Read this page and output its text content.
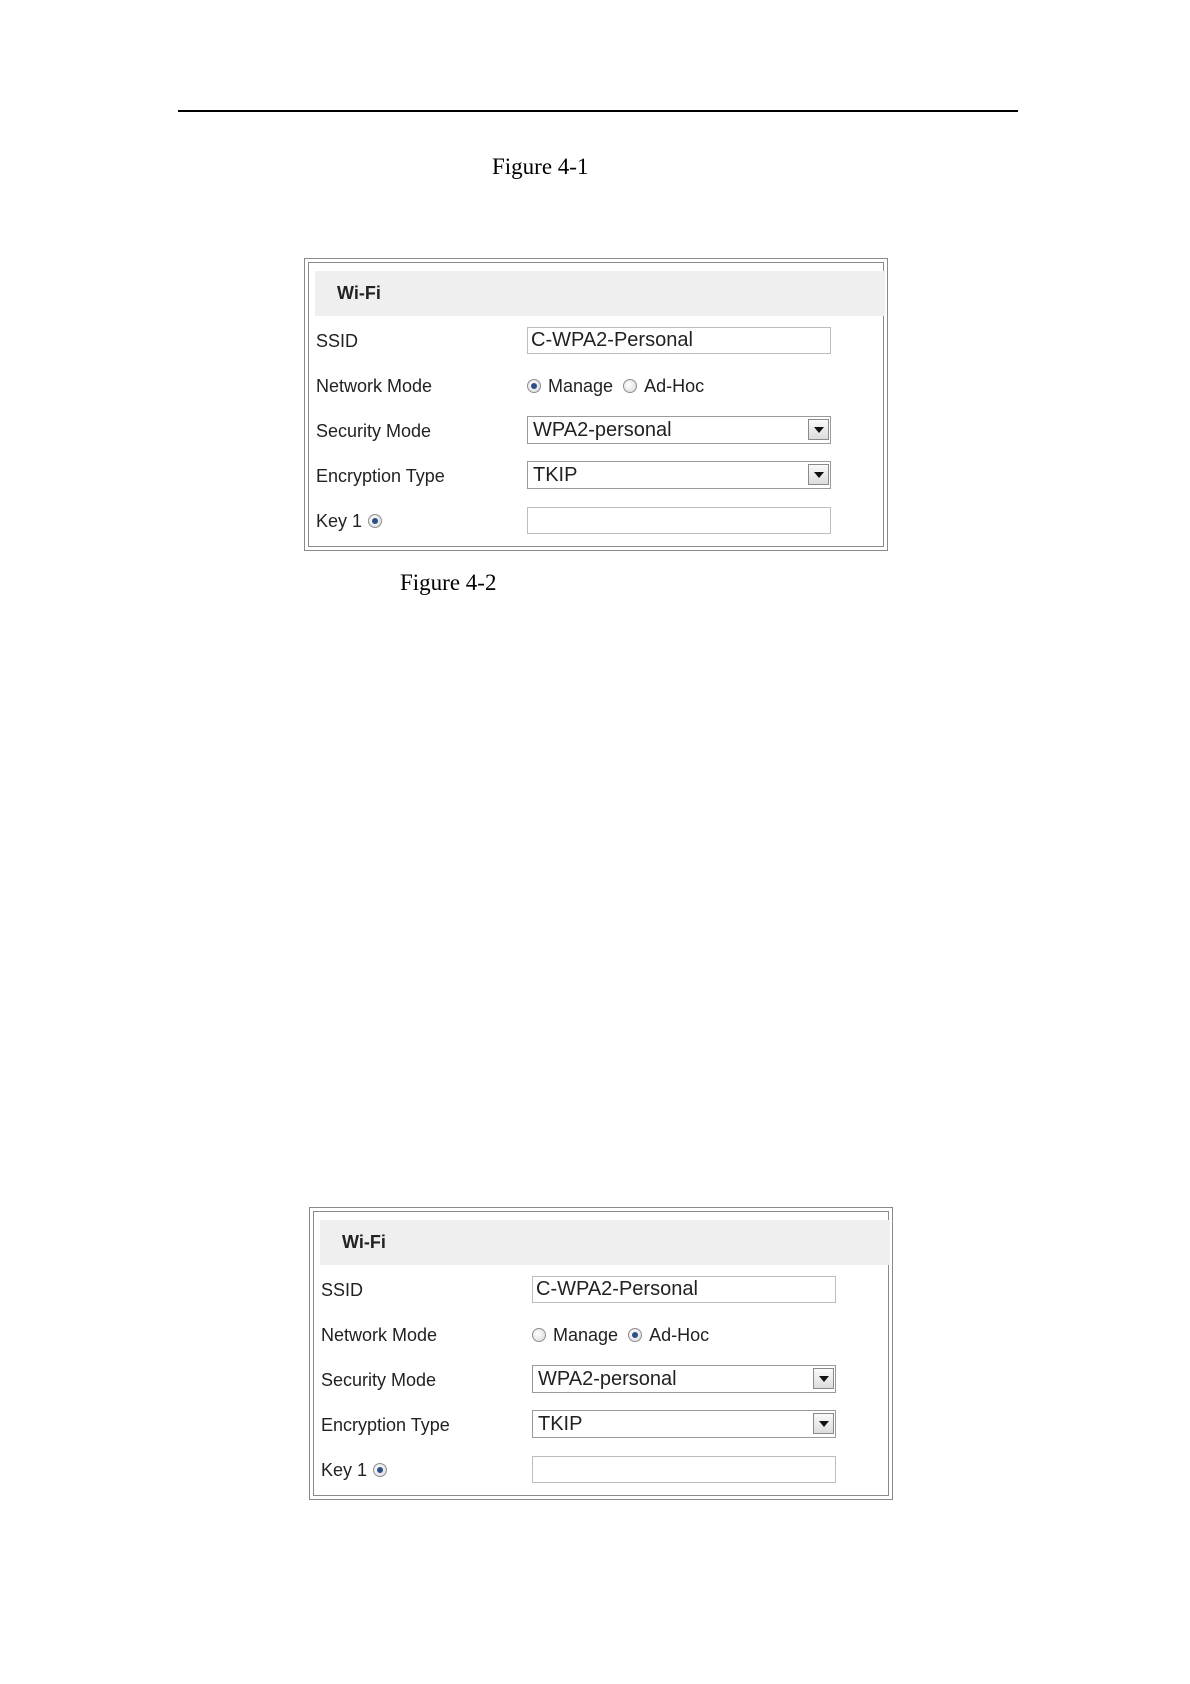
Figure 4-1
Wi-Fi
SSID	C-WPA2-Personal
Network Mode	Manage Ad-Hoc
Security Mode	WPA2-personal
Encryption Type	TKIP
Key 1
Figure 4-2
Wi-Fi
SSID	C-WPA2-Personal
Network Mode	Manage Ad-Hoc
Security Mode	WPA2-personal
Encryption Type	TKIP
Key 1
